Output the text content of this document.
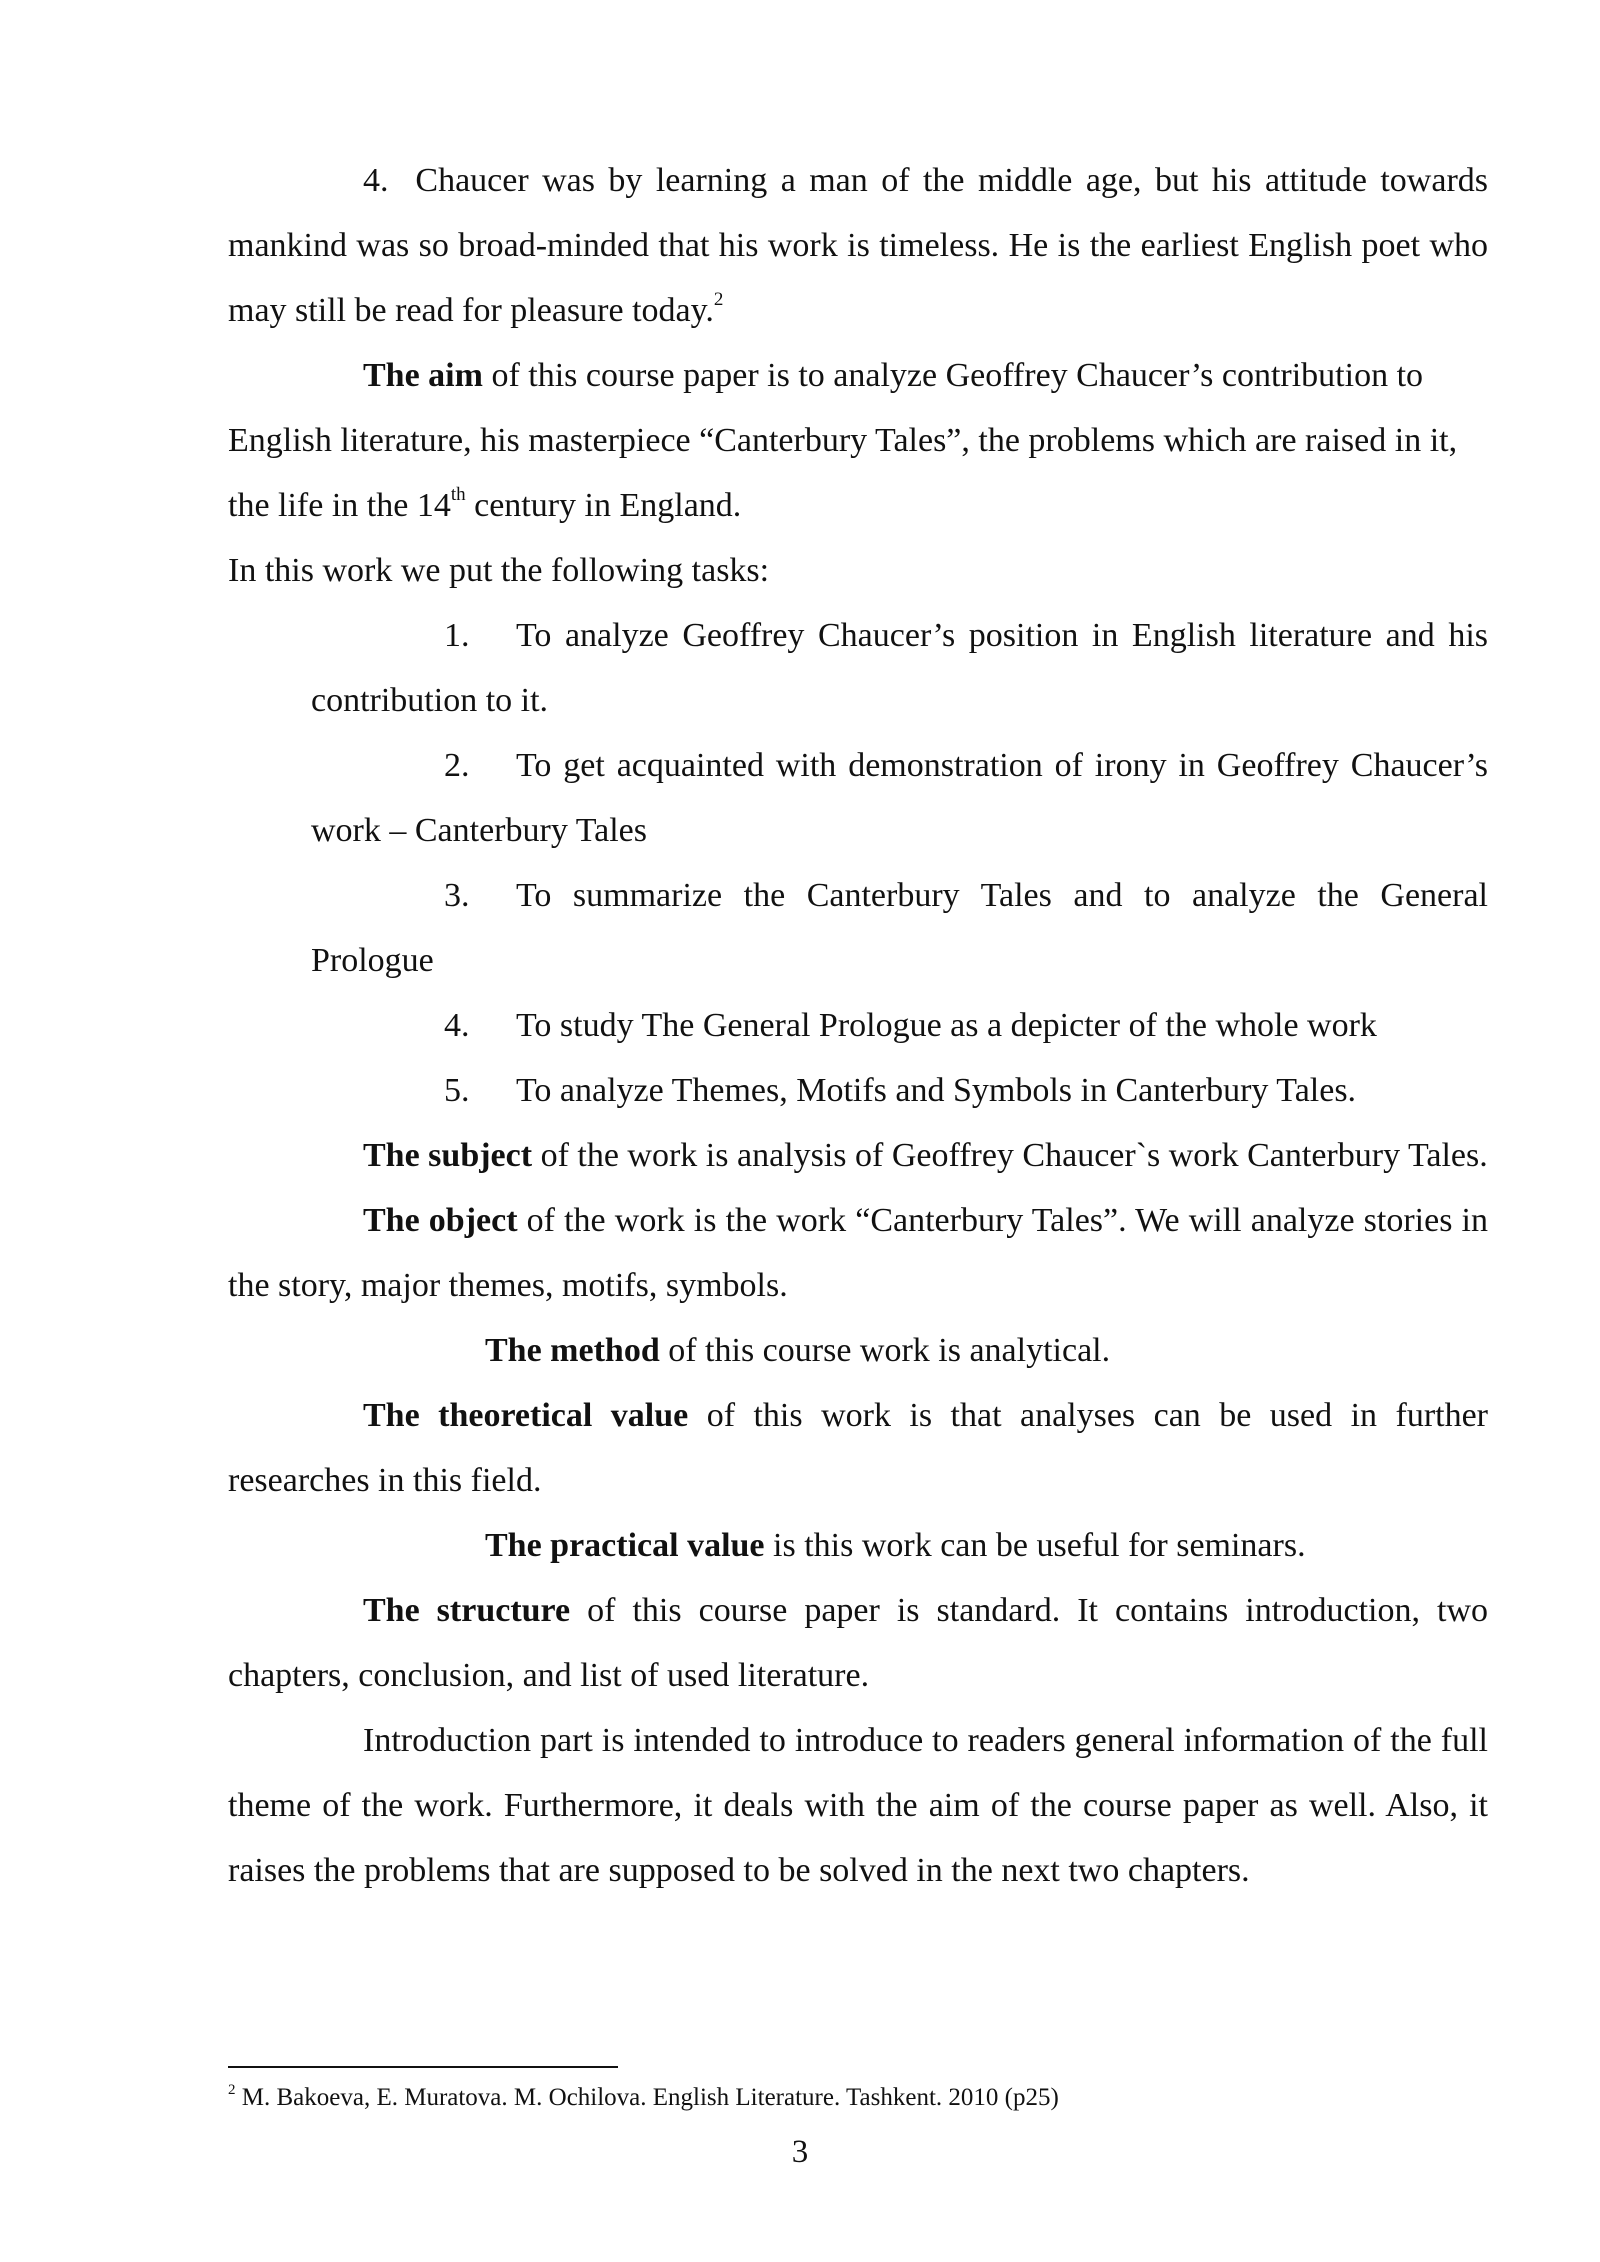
4. Chaucer was by learning a man of the middle age, but his attitude towards mankind was so broad-minded that his work is timeless. He is the earliest English poet who may still be read for pleasure today.$^2$

The aim of this course paper is to analyze Geoffrey Chaucer’s contribution to English literature, his masterpiece “Canterbury Tales”, the problems which are raised in it, the life in the 14th century in England.

In this work we put the following tasks:

1. To analyze Geoffrey Chaucer’s position in English literature and his contribution to it.

2. To get acquainted with demonstration of irony in Geoffrey Chaucer’s work – Canterbury Tales

3. To summarize the Canterbury Tales and to analyze the General Prologue

4. To study The General Prologue as a depicter of the whole work

5. To analyze Themes, Motifs and Symbols in Canterbury Tales.

The subject of the work is analysis of Geoffrey Chaucer`s work Canterbury Tales.

The object of the work is the work “Canterbury Tales”. We will analyze stories in the story, major themes, motifs, symbols.

The method of this course work is analytical.

The theoretical value of this work is that analyses can be used in further researches in this field.

The practical value is this work can be useful for seminars.

The structure of this course paper is standard. It contains introduction, two chapters, conclusion, and list of used literature.

Introduction part is intended to introduce to readers general information of the full theme of the work. Furthermore, it deals with the aim of the course paper as well. Also, it raises the problems that are supposed to be solved in the next two chapters.

$^2$ M. Bakoeva, E. Muratova. M. Ochilova. English Literature. Tashkent. 2010 (p25)
3
